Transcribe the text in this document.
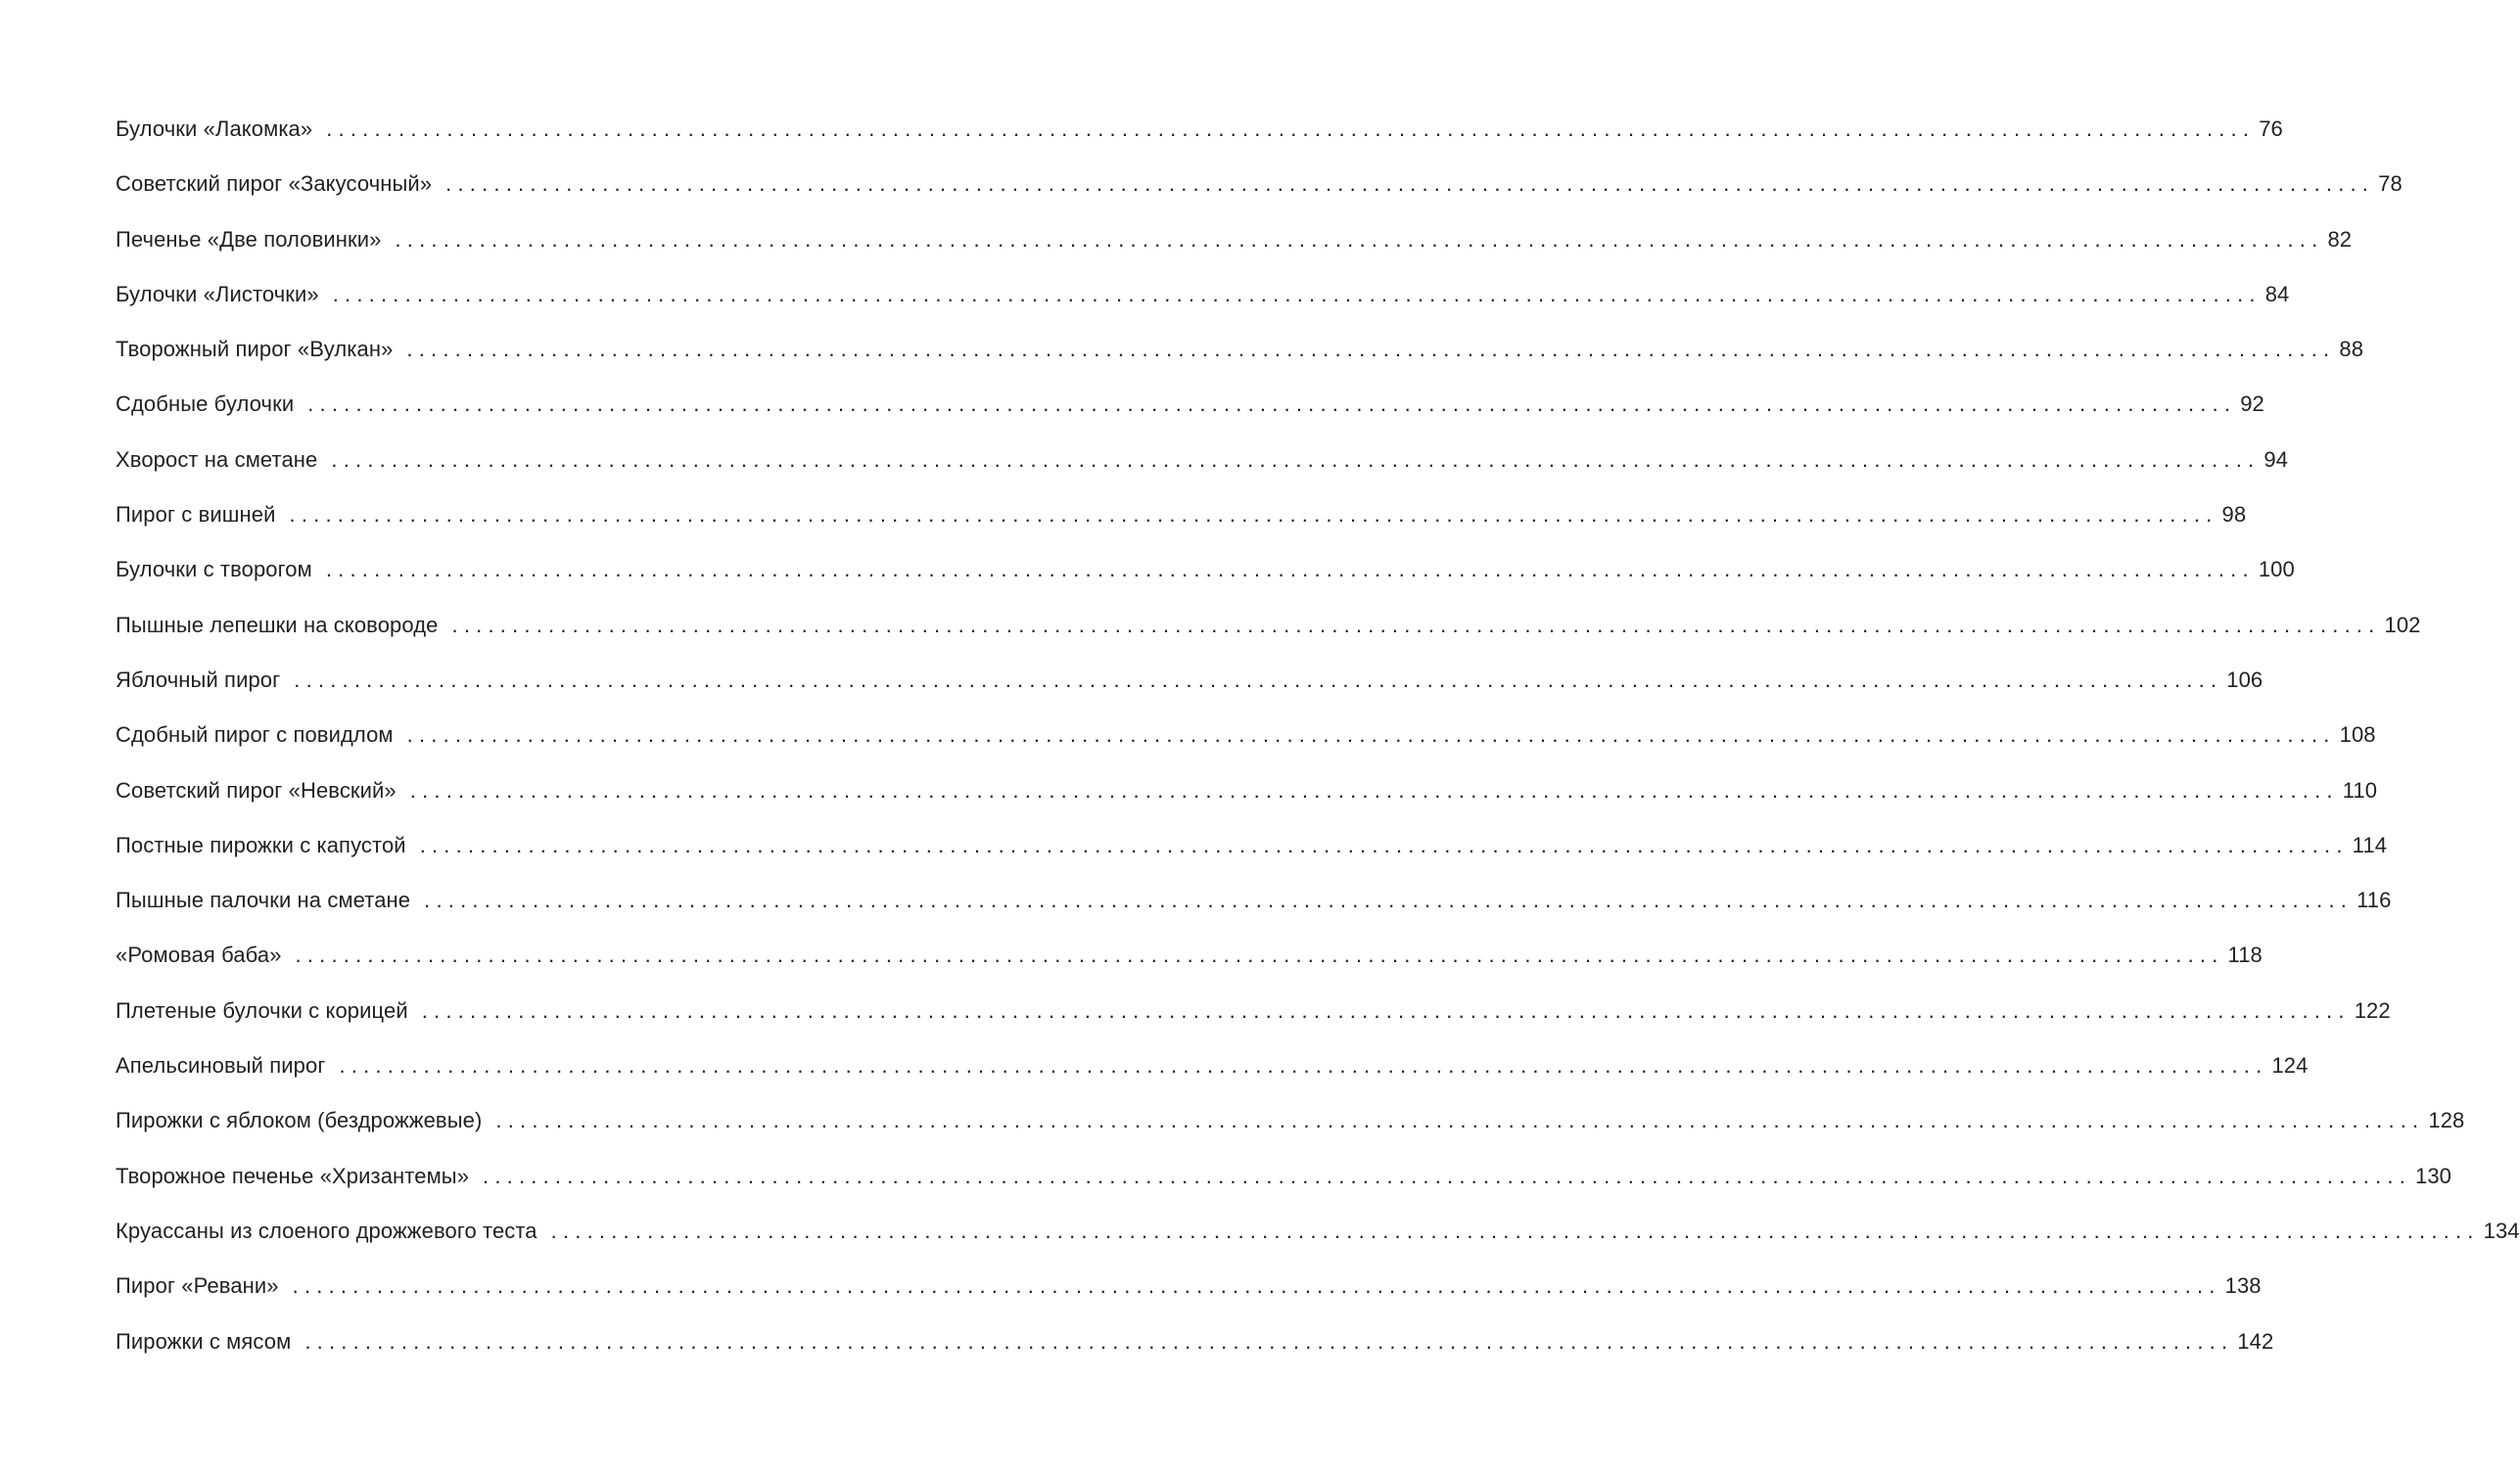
Булочки «Лакомка» ................................................................................................................................................................ 76
Советский пирог «Закусочный» ................................................................................................................................................................ 78
Печенье «Две половинки» ................................................................................................................................................................ 82
Булочки «Листочки» ................................................................................................................................................................ 84
Творожный пирог «Вулкан» ................................................................................................................................................................ 88
Сдобные булочки ................................................................................................................................................................ 92
Хворост на сметане ................................................................................................................................................................ 94
Пирог с вишней ................................................................................................................................................................ 98
Булочки с творогом ................................................................................................................................................................ 100
Пышные лепешки на сковороде ................................................................................................................................................................ 102
Яблочный пирог ................................................................................................................................................................ 106
Сдобный пирог с повидлом ................................................................................................................................................................ 108
Советский пирог «Невский» ................................................................................................................................................................ 110
Постные пирожки с капустой ................................................................................................................................................................ 114
Пышные палочки на сметане ................................................................................................................................................................ 116
«Ромовая баба» ................................................................................................................................................................ 118
Плетеные булочки с корицей ................................................................................................................................................................ 122
Апельсиновый пирог ................................................................................................................................................................ 124
Пирожки с яблоком (бездрожжевые) ................................................................................................................................................................ 128
Творожное печенье «Хризантемы» ................................................................................................................................................................ 130
Круассаны из слоеного дрожжевого теста ................................................................................................................................................................ 134
Пирог «Ревани» ................................................................................................................................................................ 138
Пирожки с мясом ................................................................................................................................................................ 142
